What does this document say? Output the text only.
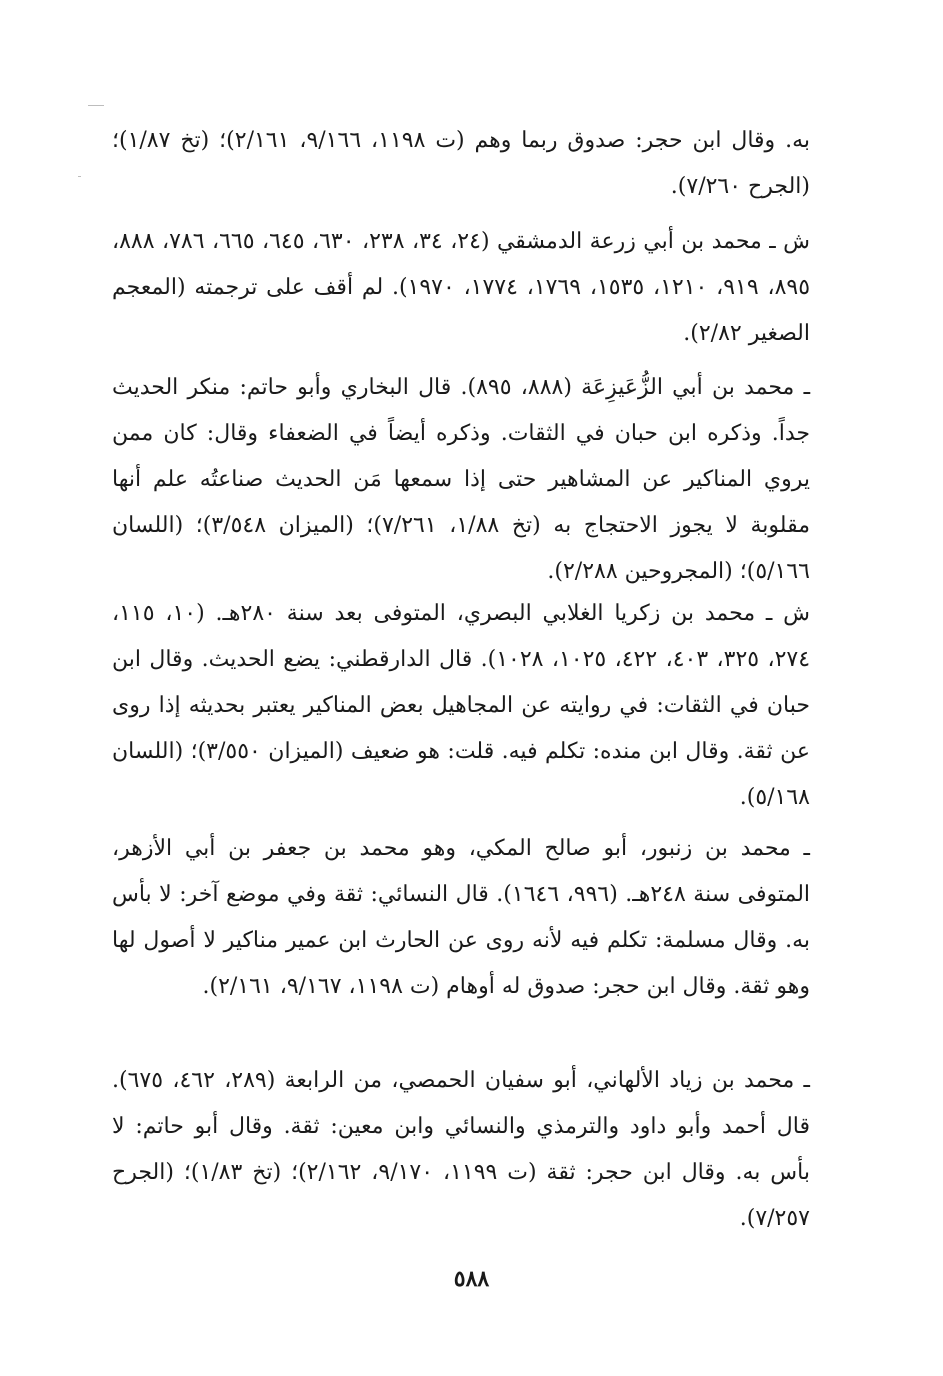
به. وقال ابن حجر: صدوق ربما وهم (ت ١١٩٨، ٩/١٦٦، ٢/١٦١)؛ (تخ ١/٨٧)؛ (الجرح ٧/٢٦٠).

ش ـ محمد بن أبي زرعة الدمشقي (٢٤، ٣٤، ٢٣٨، ٦٣٠، ٦٤٥، ٦٦٥، ٧٨٦، ٨٨٨، ٨٩٥، ٩١٩، ١٢١٠، ١٥٣٥، ١٧٦٩، ١٧٧٤، ١٩٧٠). لم أقف على ترجمته (المعجم الصغير ٢/٨٢).

ـ محمد بن أبي الزُّعَيزِعَة (٨٨٨، ٨٩٥). قال البخاري وأبو حاتم: منكر الحديث جداً. وذكره ابن حبان في الثقات. وذكره أيضاً في الضعفاء وقال: كان ممن يروي المناكير عن المشاهير حتى إذا سمعها مَن الحديث صناعتُه علم أنها مقلوبة لا يجوز الاحتجاج به (تخ ١/٨٨، ٧/٢٦١)؛ (الميزان ٣/٥٤٨)؛ (اللسان ٥/١٦٦)؛ (المجروحين ٢/٢٨٨).

ش ـ محمد بن زكريا الغلابي البصري، المتوفى بعد سنة ٢٨٠هـ. (١٠، ١١٥، ٢٧٤، ٣٢٥، ٤٠٣، ٤٢٢، ١٠٢٥، ١٠٢٨). قال الدارقطني: يضع الحديث. وقال ابن حبان في الثقات: في روايته عن المجاهيل بعض المناكير يعتبر بحديثه إذا روى عن ثقة. وقال ابن منده: تكلم فيه. قلت: هو ضعيف (الميزان ٣/٥٥٠)؛ (اللسان ٥/١٦٨).

ـ محمد بن زنبور، أبو صالح المكي، وهو محمد بن جعفر بن أبي الأزهر، المتوفى سنة ٢٤٨هـ. (٩٩٦، ١٦٤٦). قال النسائي: ثقة وفي موضع آخر: لا بأس به. وقال مسلمة: تكلم فيه لأنه روى عن الحارث ابن عمير مناكير لا أصول لها وهو ثقة. وقال ابن حجر: صدوق له أوهام (ت ١١٩٨، ٩/١٦٧، ٢/١٦١).

ـ محمد بن زياد الألهاني، أبو سفيان الحمصي، من الرابعة (٢٨٩، ٤٦٢، ٦٧٥). قال أحمد وأبو داود والترمذي والنسائي وابن معين: ثقة. وقال أبو حاتم: لا بأس به. وقال ابن حجر: ثقة (ت ١١٩٩، ٩/١٧٠، ٢/١٦٢)؛ (تخ ١/٨٣)؛ (الجرح ٧/٢٥٧).

٥٨٨
